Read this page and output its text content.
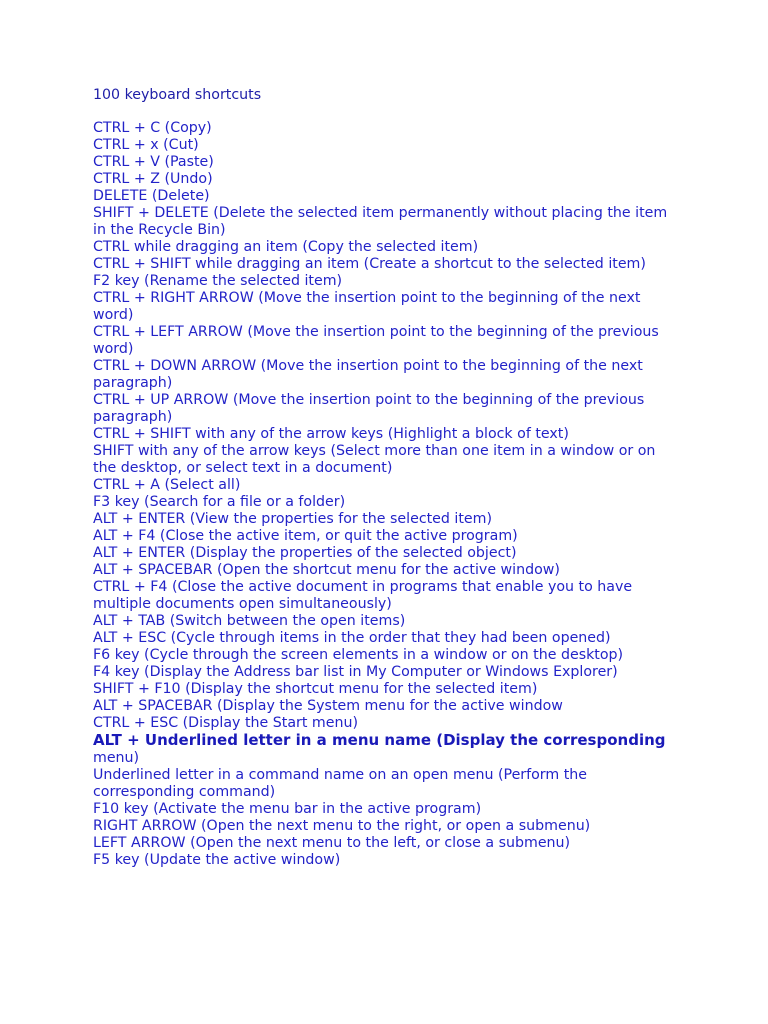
100 keyboard shortcuts

CTRL + C (Copy)

CTRL + x (Cut)

CTRL + V (Paste)

CTRL + Z (Undo)

DELETE (Delete)

SHIFT + DELETE (Delete the selected item permanently without placing the item in the Recycle Bin)

CTRL while dragging an item (Copy the selected item)

CTRL + SHIFT while dragging an item (Create a shortcut to the selected item)

F2 key (Rename the selected item)

CTRL + RIGHT ARROW (Move the insertion point to the beginning of the next word)

CTRL + LEFT ARROW (Move the insertion point to the beginning of the previous word)

CTRL + DOWN ARROW (Move the insertion point to the beginning of the next paragraph)

CTRL + UP ARROW (Move the insertion point to the beginning of the previous paragraph)

CTRL + SHIFT with any of the arrow keys (Highlight a block of text)

SHIFT with any of the arrow keys (Select more than one item in a window or on the desktop, or select text in a document)

CTRL + A (Select all)

F3 key (Search for a file or a folder)

ALT + ENTER (View the properties for the selected item)

ALT + F4 (Close the active item, or quit the active program)

ALT + ENTER (Display the properties of the selected object)

ALT + SPACEBAR (Open the shortcut menu for the active window)

CTRL + F4 (Close the active document in programs that enable you to have multiple documents open simultaneously)

ALT + TAB (Switch between the open items)

ALT + ESC (Cycle through items in the order that they had been opened)

F6 key (Cycle through the screen elements in a window or on the desktop)

F4 key (Display the Address bar list in My Computer or Windows Explorer)

SHIFT + F10 (Display the shortcut menu for the selected item)

ALT + SPACEBAR (Display the System menu for the active window

CTRL + ESC (Display the Start menu)

ALT + Underlined letter in a menu name (Display the corresponding
menu)

Underlined letter in a command name on an open menu (Perform the corresponding command)

F10 key (Activate the menu bar in the active program)

RIGHT ARROW (Open the next menu to the right, or open a submenu)

LEFT ARROW (Open the next menu to the left, or close a submenu)

F5 key (Update the active window)
